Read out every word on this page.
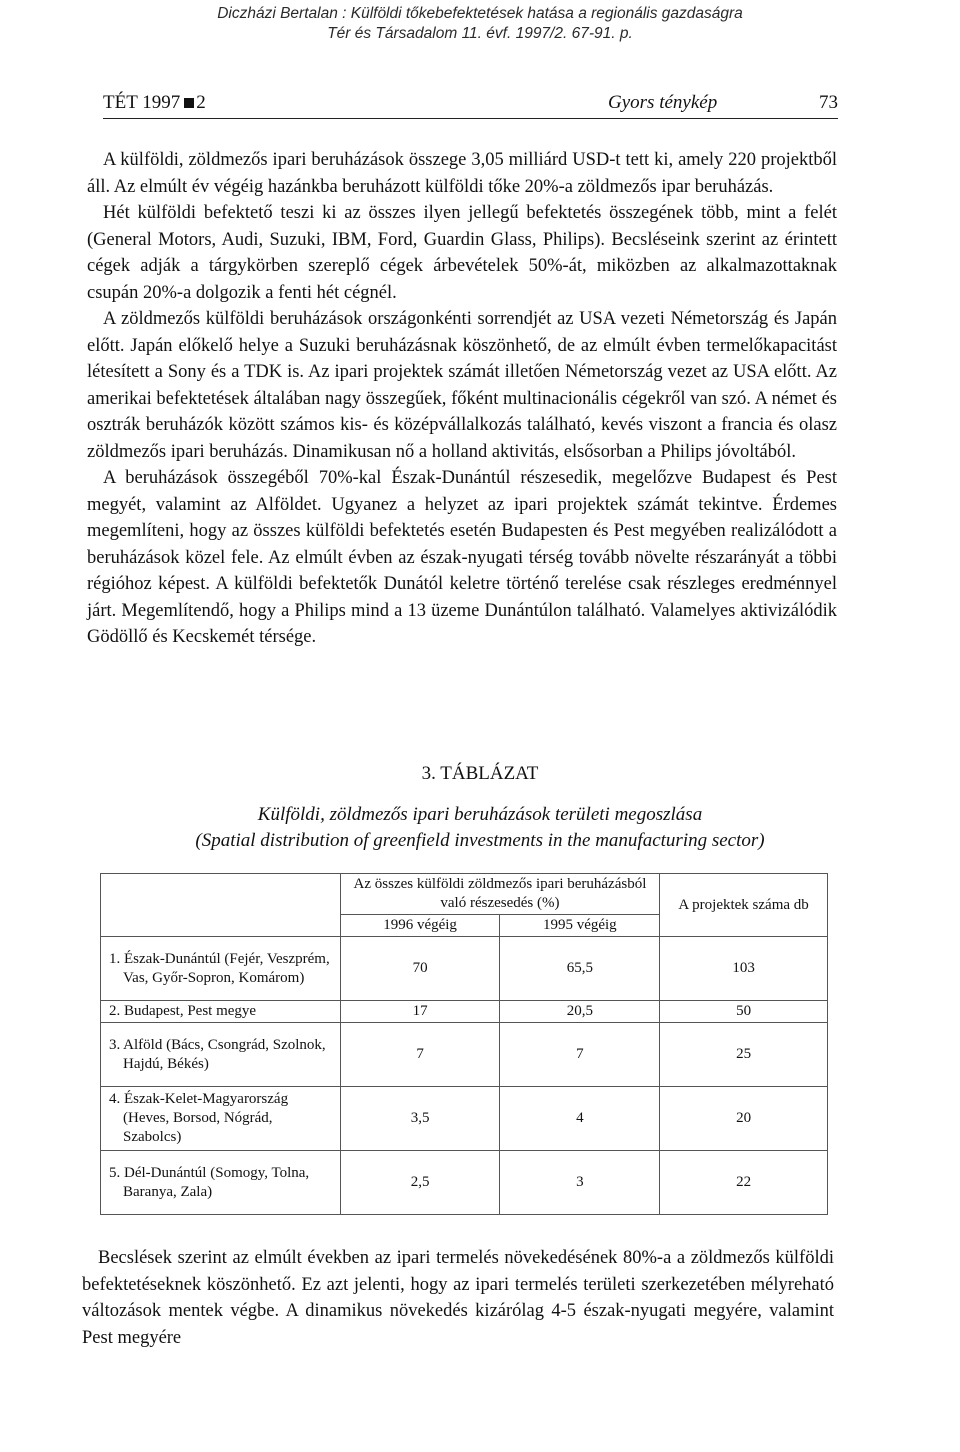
Diczházi Bertalan : Külföldi tőkebefektetések hatása a regionális gazdaságra
Tér és Társadalom 11. évf. 1997/2. 67-91. p.
TÉT 1997 2	Gyors ténykép	73

A külföldi, zöldmezős ipari beruházások összege 3,05 milliárd USD-t tett ki, amely 220 projektből áll. Az elmúlt év végéig hazánkba beruházott külföldi tőke 20%-a zöldmezős ipar beruházás.

Hét külföldi befektető teszi ki az összes ilyen jellegű befektetés összegének több, mint a felét (General Motors, Audi, Suzuki, IBM, Ford, Guardin Glass, Philips). Becsléseink szerint az érintett cégek adják a tárgykörben szereplő cégek árbevételek 50%-át, miközben az alkalmazottaknak csupán 20%-a dolgozik a fenti hét cégnél.

A zöldmezős külföldi beruházások országonkénti sorrendjét az USA vezeti Németország és Japán előtt. Japán előkelő helye a Suzuki beruházásnak köszönhető, de az elmúlt évben termelőkapacitást létesített a Sony és a TDK is. Az ipari projektek számát illetően Németország vezet az USA előtt. Az amerikai befektetések általában nagy összegűek, főként multinacionális cégekről van szó. A német és osztrák beruházók között számos kis- és középvállalkozás található, kevés viszont a francia és olasz zöldmezős ipari beruházás. Dinamikusan nő a holland aktivitás, elsősorban a Philips jóvoltából.

A beruházások összegéből 70%-kal Észak-Dunántúl részesedik, megelőzve Budapest és Pest megyét, valamint az Alföldet. Ugyanez a helyzet az ipari projektek számát tekintve. Érdemes megemlíteni, hogy az összes külföldi befektetés esetén Budapesten és Pest megyében realizálódott a beruházások közel fele. Az elmúlt évben az észak-nyugati térség tovább növelte részarányát a többi régióhoz képest. A külföldi befektetők Dunától keletre történő terelése csak részleges eredménnyel járt. Megemlítendő, hogy a Philips mind a 13 üzeme Dunántúlon található. Valamelyes aktivizálódik Gödöllő és Kecskemét térsége.

3. TÁBLÁZAT
Külföldi, zöldmezős ipari beruházások területi megoszlása
(Spatial distribution of greenfield investments in the manufacturing sector)
	Az összes külföldi zöldmezős ipari beruházásból való részesedés (%)		A projektek száma db
	1996 végéig	1995 végéig	
1. Észak-Dunántúl (Fejér, Veszprém, Vas, Győr-Sopron, Komárom)	70	65,5	103
2. Budapest, Pest megye	17	20,5	50
3. Alföld (Bács, Csongrád, Szolnok, Hajdú, Békés)	7	7	25
4. Észak-Kelet-Magyarország (Heves, Borsod, Nógrád, Szabolcs)	3,5	4	20
5. Dél-Dunántúl (Somogy, Tolna, Baranya, Zala)	2,5	3	22

Becslések szerint az elmúlt években az ipari termelés növekedésének 80%-a a zöldmezős külföldi befektetéseknek köszönhető. Ez azt jelenti, hogy az ipari termelés területi szerkezetében mélyreható változások mentek végbe. A dinamikus növekedés kizárólag 4-5 észak-nyugati megyére, valamint Pest megyére
